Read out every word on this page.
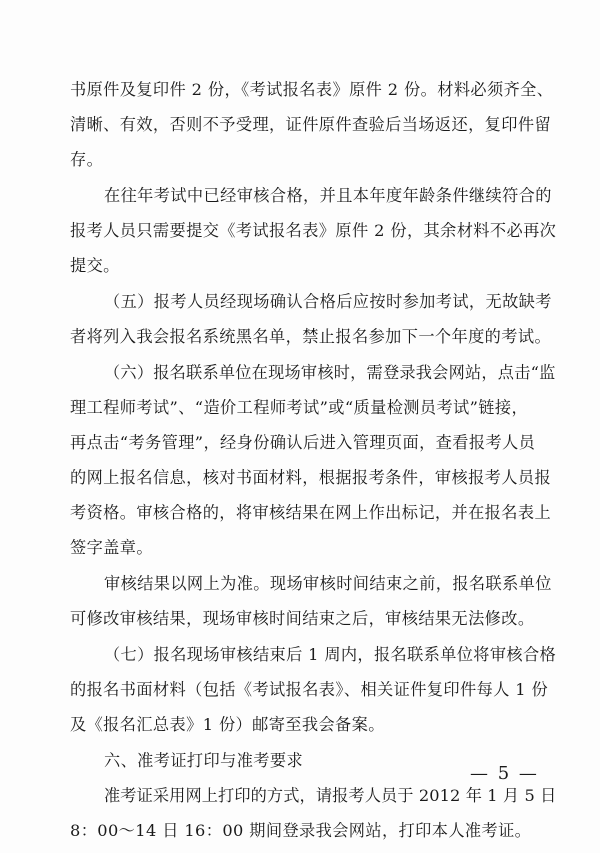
书原件及复印件 2 份，《考试报名表》原件 2 份。材料必须齐全、
清晰、有效，否则不予受理，证件原件查验后当场返还，复印件留
存。
在往年考试中已经审核合格，并且本年度年龄条件继续符合的
报考人员只需要提交《考试报名表》原件 2 份，其余材料不必再次
提交。
（五）报考人员经现场确认合格后应按时参加考试，无故缺考
者将列入我会报名系统黑名单，禁止报名参加下一个年度的考试。
（六）报名联系单位在现场审核时，需登录我会网站，点击“监
理工程师考试”、“造价工程师考试”或“质量检测员考试”链接，
再点击“考务管理”，经身份确认后进入管理页面，查看报考人员
的网上报名信息，核对书面材料，根据报考条件，审核报考人员报
考资格。审核合格的，将审核结果在网上作出标记，并在报名表上
签字盖章。
审核结果以网上为准。现场审核时间结束之前，报名联系单位
可修改审核结果，现场审核时间结束之后，审核结果无法修改。
（七）报名现场审核结束后 1 周内，报名联系单位将审核合格
的报名书面材料（包括《考试报名表》、相关证件复印件每人 1 份
及《报名汇总表》1 份）邮寄至我会备案。
六、准考证打印与准考要求
准考证采用网上打印的方式，请报考人员于 2012 年 1 月 5 日
8：00～14 日 16：00 期间登录我会网站，打印本人准考证。
— 5 —
